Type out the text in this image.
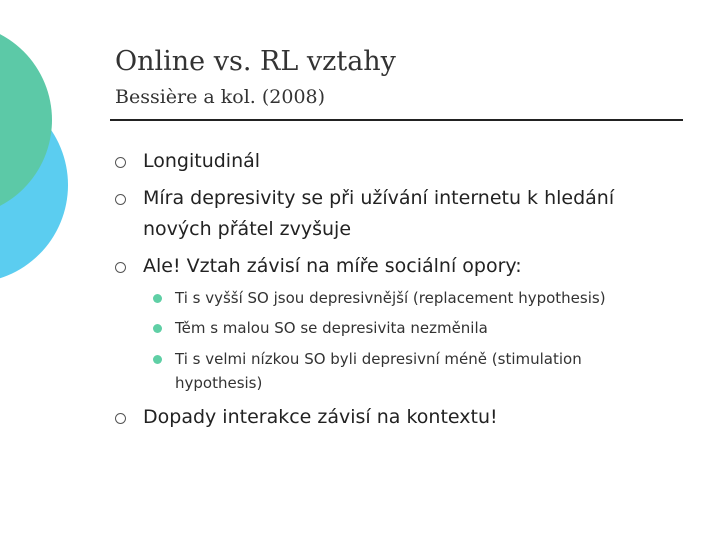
Online vs. RL vztahy
Bessière a kol. (2008)
Longitudinál
Míra depresivity se při užívání internetu k hledání
nových přátel zvyšuje
Ale! Vztah závisí na míře sociální opory:
Ti s vyšší SO jsou depresivnější (replacement hypothesis)
Těm s malou SO se depresivita nezměnila
Ti s velmi nízkou SO byli depresivní méně (stimulation
hypothesis)
Dopady interakce závisí na kontextu!
